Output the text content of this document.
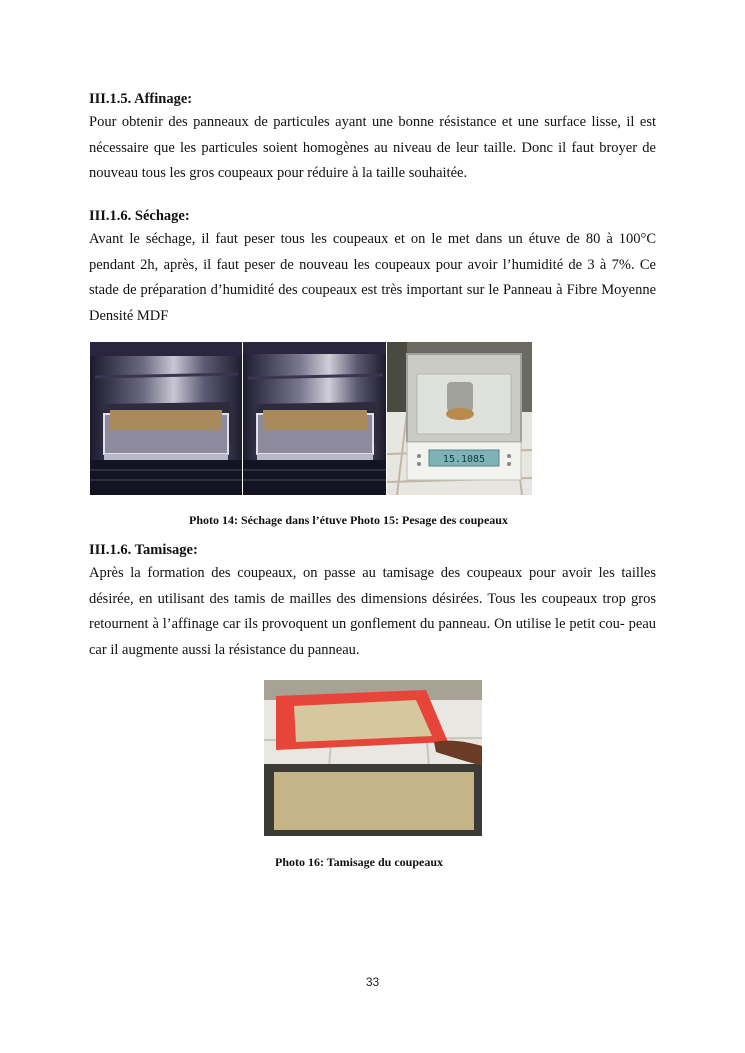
III.1.5. Affinage:

Pour obtenir des panneaux de particules ayant une bonne résistance et une surface lisse, il est nécessaire que les particules soient homogènes au niveau de leur taille. Donc il faut broyer de nouveau tous les gros coupeaux pour réduire à la taille souhaitée.

III.1.6. Séchage:

Avant le séchage, il faut peser tous les coupeaux et on le met dans un étuve de 80 à 100°C pendant 2h, après, il faut peser de nouveau les coupeaux pour avoir l’humidité de 3 à 7%. Ce stade de préparation d’humidité des coupeaux est très important sur le Panneau à Fibre Moyenne Densité MDF

15.1085
Photo 14: Séchage dans l’étuve Photo 15: Pesage des coupeaux
III.1.6. Tamisage:

Après la formation des coupeaux, on passe au tamisage des coupeaux pour avoir les tailles désirée, en utilisant des tamis de mailles des dimensions désirées. Tous les coupeaux trop gros retournent à l’affinage car ils provoquent un gonflement du panneau. On utilise le petit cou- peau car il augmente aussi la résistance du panneau.

Photo 16: Tamisage du coupeaux
33
